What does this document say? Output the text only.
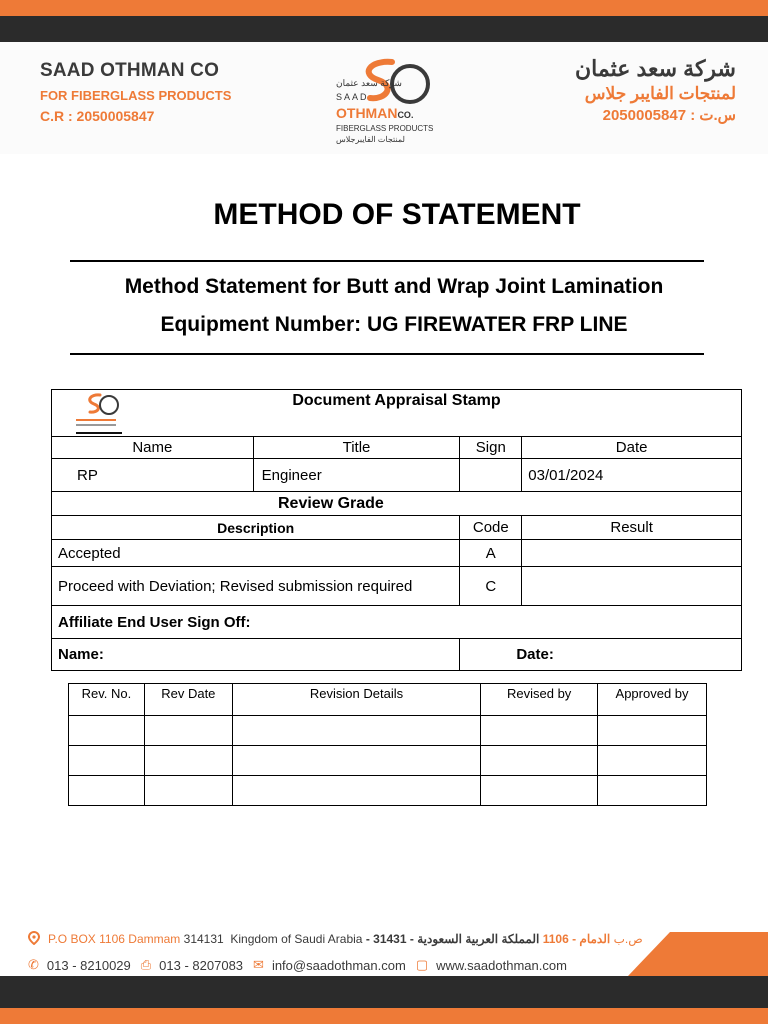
SAAD OTHMAN CO
FOR FIBERGLASS PRODUCTS
C.R : 2050005847
شركة سعد عثمان
SAAD
OTHMANCO.
FIBERGLASS PRODUCTS
لمنتجات الفايبرجلاس
شركة سعد عثمان
لمنتجات الفايبر جلاس
س.ت : 2050005847
METHOD OF STATEMENT
Method Statement for Butt and Wrap Joint Lamination
Equipment Number: UG FIREWATER FRP LINE
Document Appraisal Stamp			

Name	Title	Sign	Date
RP	Engineer		03/01/2024
Review Grade			
Description		Code	Result
Accepted		A	
Proceed with Deviation; Revised submission required		C	
Affiliate End User Sign Off:			
Name:		Date:	
Rev. No.	Rev Date	Revision Details	Revised by	Approved by

P.O BOX 1106
Dammam
314131
Kingdom of Saudi Arabia
المملكة العربية السعودية - 31431 -
الدمام - 1106
ص.ب
✆ 013 - 8210029 ⎙ 013 - 8207083 ✉ info@saadothman.com ▢ www.saadothman.com
